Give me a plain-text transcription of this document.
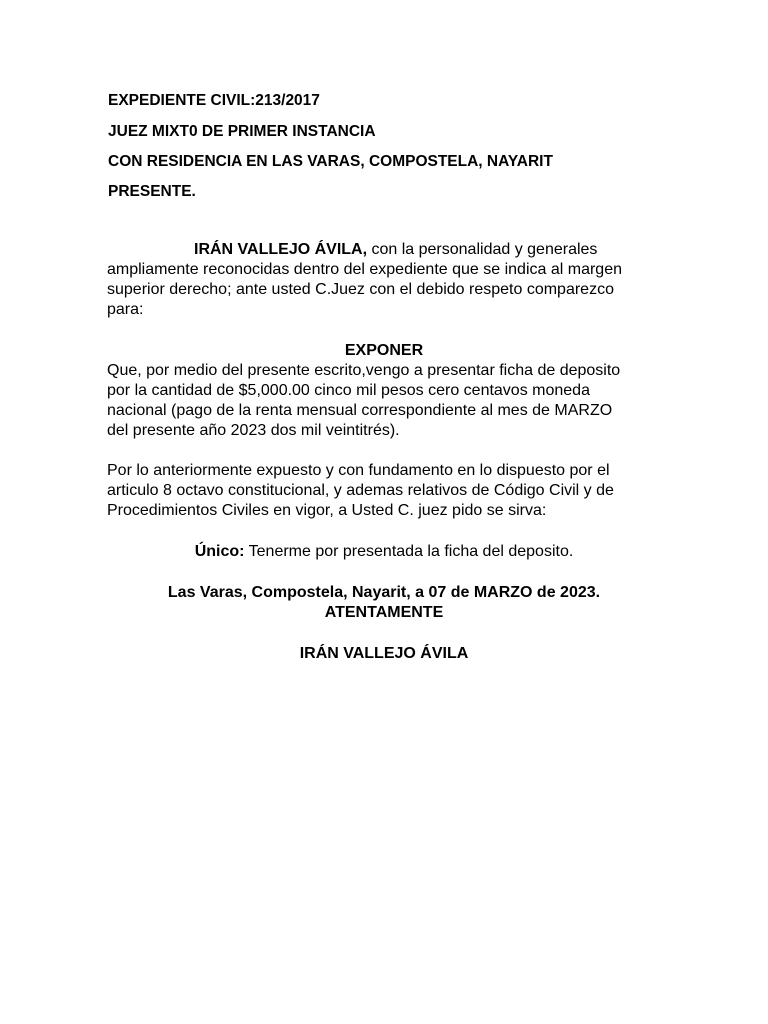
EXPEDIENTE CIVIL:213/2017
JUEZ MIXT0 DE PRIMER INSTANCIA
CON RESIDENCIA EN LAS VARAS, COMPOSTELA, NAYARIT
PRESENTE.
IRÁN VALLEJO ÁVILA, con la personalidad y generales
ampliamente reconocidas dentro del expediente que se indica al margen
superior derecho; ante usted C.Juez con el debido respeto comparezco
para:
EXPONER
Que, por medio del presente escrito,vengo a presentar ficha de deposito
por la cantidad de $5,000.00 cinco mil pesos cero centavos moneda
nacional (pago de la renta mensual correspondiente al mes de MARZO
del presente año 2023 dos mil veintitrés).
Por lo anteriormente expuesto y con fundamento en lo dispuesto por el
articulo 8 octavo constitucional, y ademas relativos de Código Civil y de
Procedimientos Civiles en vigor, a Usted C. juez pido se sirva:
Único: Tenerme por presentada la ficha del deposito.
Las Varas, Compostela, Nayarit, a 07 de MARZO de 2023.
ATENTAMENTE
IRÁN VALLEJO ÁVILA
